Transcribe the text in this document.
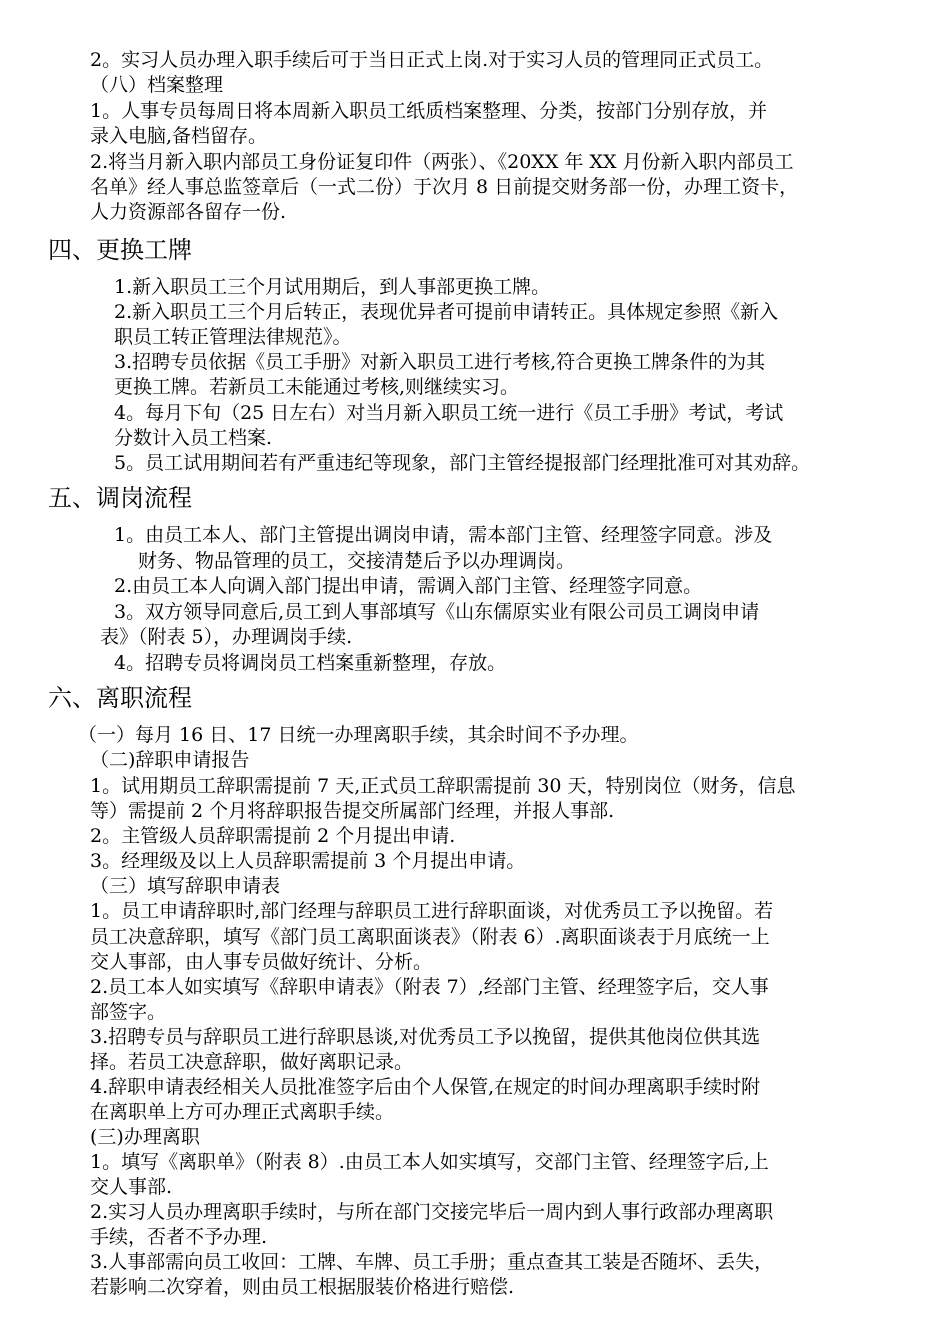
2。实习人员办理入职手续后可于当日正式上岗.对于实习人员的管理同正式员工。
（八）档案整理
1。人事专员每周日将本周新入职员工纸质档案整理、分类，按部门分别存放，并
录入电脑,备档留存。
2.将当月新入职内部员工身份证复印件（两张）、《20XX 年 XX 月份新入职内部员工
名单》经人事总监签章后（一式二份）于次月 8 日前提交财务部一份，办理工资卡，
人力资源部各留存一份.
四、更换工牌
1.新入职员工三个月试用期后，到人事部更换工牌。
2.新入职员工三个月后转正，表现优异者可提前申请转正。具体规定参照《新入
职员工转正管理法律规范》。
3.招聘专员依据《员工手册》对新入职员工进行考核,符合更换工牌条件的为其
更换工牌。若新员工未能通过考核,则继续实习。
4。每月下旬（25 日左右）对当月新入职员工统一进行《员工手册》考试，考试
分数计入员工档案.
5。员工试用期间若有严重违纪等现象，部门主管经提报部门经理批准可对其劝辞。
五、调岗流程
1。由员工本人、部门主管提出调岗申请，需本部门主管、经理签字同意。涉及
财务、物品管理的员工，交接清楚后予以办理调岗。
2.由员工本人向调入部门提出申请，需调入部门主管、经理签字同意。
3。双方领导同意后,员工到人事部填写《山东儒原实业有限公司员工调岗申请
表》（附表 5），办理调岗手续.
4。招聘专员将调岗员工档案重新整理，存放。
六、离职流程
（一）每月 16 日、17 日统一办理离职手续，其余时间不予办理。
（二)辞职申请报告
1。试用期员工辞职需提前 7 天,正式员工辞职需提前 30 天，特别岗位（财务，信息
等）需提前 2 个月将辞职报告提交所属部门经理，并报人事部.
2。主管级人员辞职需提前 2 个月提出申请.
3。经理级及以上人员辞职需提前 3 个月提出申请。
（三）填写辞职申请表
1。员工申请辞职时,部门经理与辞职员工进行辞职面谈，对优秀员工予以挽留。若
员工决意辞职，填写《部门员工离职面谈表》（附表 6）.离职面谈表于月底统一上
交人事部，由人事专员做好统计、分析。
2.员工本人如实填写《辞职申请表》（附表 7）,经部门主管、经理签字后，交人事
部签字。
3.招聘专员与辞职员工进行辞职恳谈,对优秀员工予以挽留，提供其他岗位供其选
择。若员工决意辞职，做好离职记录。
4.辞职申请表经相关人员批准签字后由个人保管,在规定的时间办理离职手续时附
在离职单上方可办理正式离职手续。
(三)办理离职
1。填写《离职单》（附表 8）.由员工本人如实填写，交部门主管、经理签字后,上
交人事部.
2.实习人员办理离职手续时，与所在部门交接完毕后一周内到人事行政部办理离职
手续，否者不予办理.
3.人事部需向员工收回：工牌、车牌、员工手册；重点查其工装是否随坏、丢失，
若影响二次穿着，则由员工根据服装价格进行赔偿.
